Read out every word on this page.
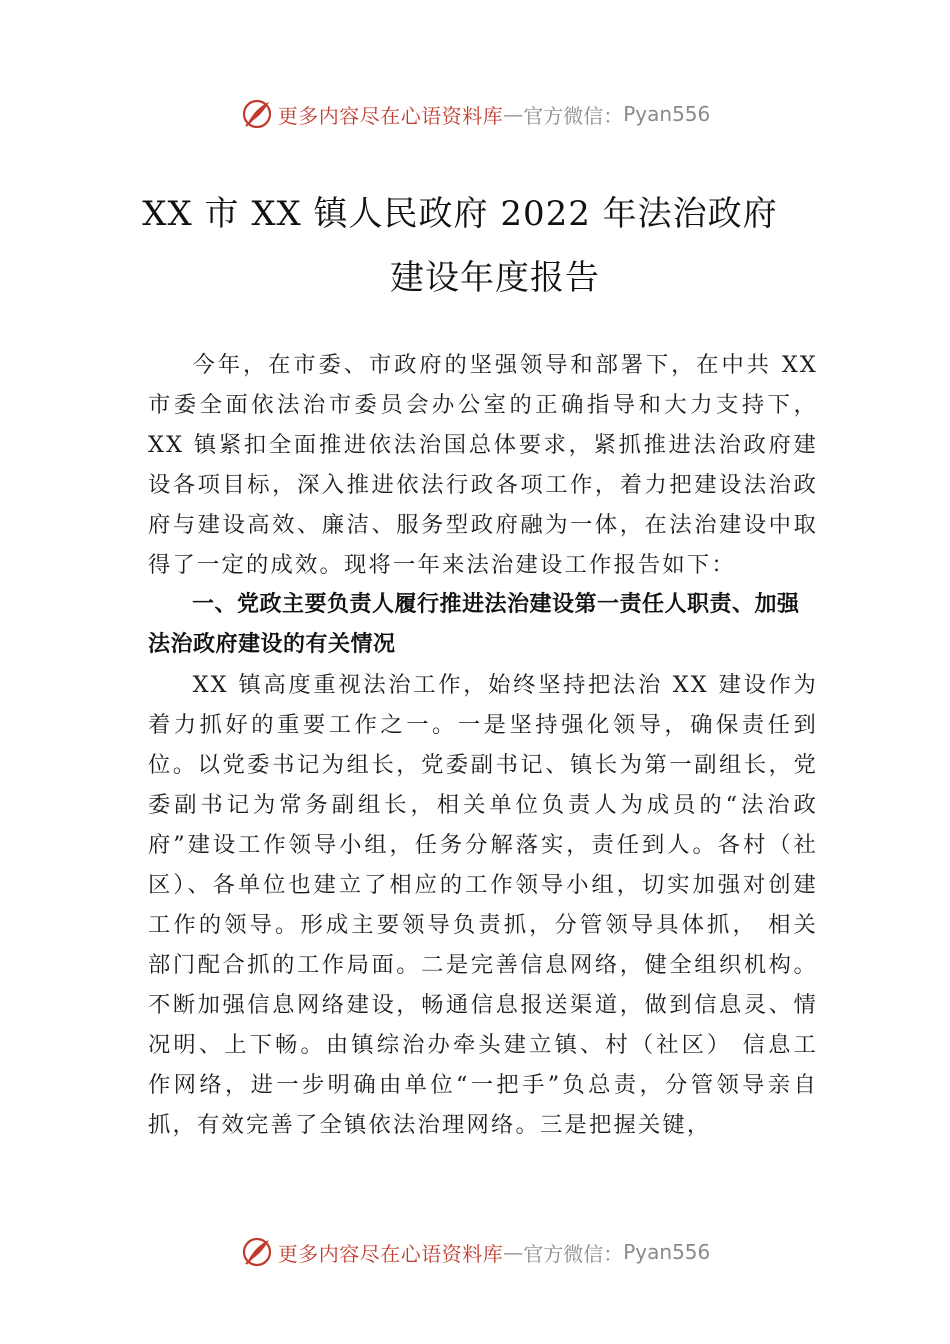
更多内容尽在心语资料库 — 官方微信： Pyan556
XX 市 XX 镇人民政府 2022 年法治政府
建设年度报告

今年，在市委、市政府的坚强领导和部署下，在中共 XX 市委全面依法治市委员会办公室的正确指导和大力支持下，XX 镇紧扣全面推进依法治国总体要求，紧抓推进法治政府建设各项目标，深入推进依法行政各项工作，着力把建设法治政府与建设高效、廉洁、服务型政府融为一体，在法治建设中取得了一定的成效。现将一年来法治建设工作报告如下：

一、党政主要负责人履行推进法治建设第一责任人职责、加强法治政府建设的有关情况

XX 镇高度重视法治工作，始终坚持把法治 XX 建设作为着力抓好的重要工作之一。一是坚持强化领导，确保责任到位。以党委书记为组长，党委副书记、镇长为第一副组长，党委副书记为常务副组长，相关单位负责人为成员的“法治政府”建设工作领导小组，任务分解落实，责任到人。各村（社区）、各单位也建立了相应的工作领导小组，切实加强对创建工作的领导。形成主要领导负责抓，分管领导具体抓， 相关部门配合抓的工作局面。二是完善信息网络，健全组织机构。不断加强信息网络建设，畅通信息报送渠道，做到信息灵、情况明、上下畅。由镇综治办牵头建立镇、村（社区） 信息工作网络，进一步明确由单位“一把手”负总责，分管领导亲自抓，有效完善了全镇依法治理网络。三是把握关键，

更多内容尽在心语资料库 — 官方微信： Pyan556
